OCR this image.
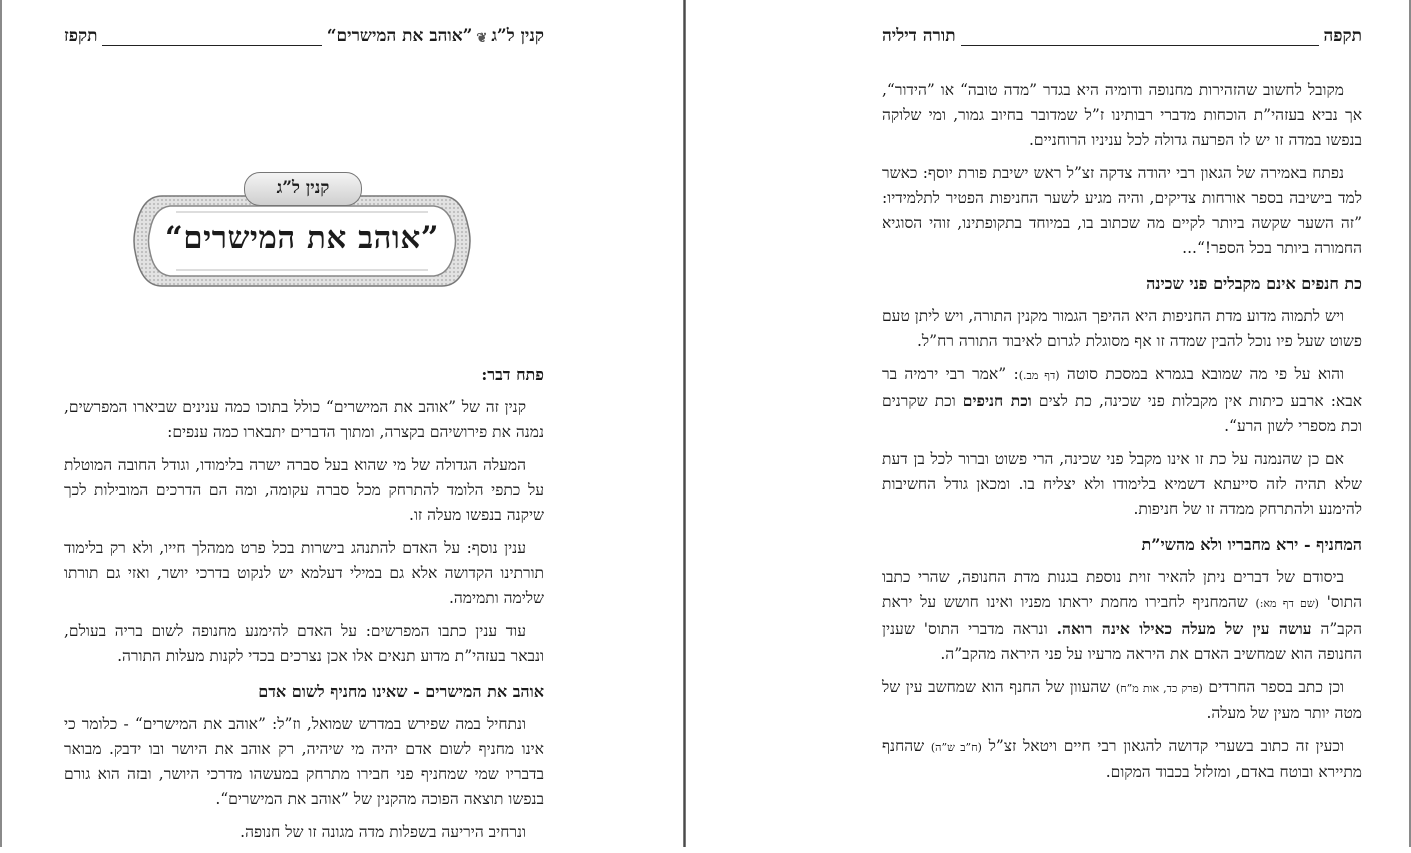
קנין ל”ג
❦
”אוהב את המישרים“
תקפז
קנין ל”ג
”אוהב את המישרים“
פתח דבר:

קנין זה של ”אוהב את המישרים“ כולל בתוכו כמה ענינים שביארו המפרשים, נמנה את פירושיהם בקצרה, ומתוך הדברים יתבארו כמה ענפים:

המעלה הגדולה של מי שהוא בעל סברה ישרה בלימודו, וגודל החובה המוטלת על כתפי הלומד להתרחק מכל סברה עקומה, ומה הם הדרכים המובילות לכך שיקנה בנפשו מעלה זו.

ענין נוסף: על האדם להתנהג בישרות בכל פרט ממהלך חייו, ולא רק בלימוד תורתינו הקדושה אלא גם במילי דעלמא יש לנקוט בדרכי יושר, ואזי גם תורתו שלימה ותמימה.

עוד ענין כתבו המפרשים: על האדם להימנע מחנופה לשום בריה בעולם, ונבאר בעזהי”ת מדוע תנאים אלו אכן נצרכים בכדי לקנות מעלות התורה.

אוהב את המישרים - שאינו מחניף לשום אדם

ונתחיל במה שפירש במדרש שמואל, וז”ל: ”אוהב את המישרים“ - כלומר כי אינו מחניף לשום אדם יהיה מי שיהיה, רק אוהב את היושר ובו ידבק. מבואר בדבריו שמי שמחניף פני חבירו מתרחק במעשהו מדרכי היושר, ובזה הוא גורם בנפשו תוצאה הפוכה מהקנין של ”אוהב את המישרים“.

ונרחיב היריעה בשפלות מדה מגונה זו של חנופה.

תקפה
תורה דיליה

מקובל לחשוב שהזהירות מחנופה ודומיה היא בגדר ”מדה טובה“ או ”הידור“, אך נביא בעזהי”ת הוכחות מדברי רבותינו ז”ל שמדובר בחיוב גמור, ומי שלוקה בנפשו במדה זו יש לו הפרעה גדולה לכל עניניו הרוחניים.

נפתח באמירה של הגאון רבי יהודה צדקה זצ”ל ראש ישיבת פורת יוסף: כאשר למד בישיבה בספר אורחות צדיקים, והיה מגיע לשער החניפות הפטיר לתלמידיו: ”זה השער שקשה ביותר לקיים מה שכתוב בו, במיוחד בתקופתינו, זוהי הסוגיא החמורה ביותר בכל הספר!“...

כת חנפים אינם מקבלים פני שכינה

ויש לתמוה מדוע מדת החניפות היא ההיפך הגמור מקנין התורה, ויש ליתן טעם פשוט שעל פיו נוכל להבין שמדה זו אף מסוגלת לגרום לאיבוד התורה רח”ל.

והוא על פי מה שמובא בגמרא במסכת סוטה (דף מב.): ”אמר רבי ירמיה בר אבא: ארבע כיתות אין מקבלות פני שכינה, כת לצים וכת חניפים וכת שקרנים וכת מספרי לשון הרע“.

אם כן שהנמנה על כת זו אינו מקבל פני שכינה, הרי פשוט וברור לכל בן דעת שלא תהיה לזה סייעתא דשמיא בלימודו ולא יצליח בו. ומכאן גודל החשיבות להימנע ולהתרחק ממדה זו של חניפות.

המחניף - ירא מחבריו ולא מהשי”ת

ביסודם של דברים ניתן להאיר זוית נוספת בגנות מדת החנופה, שהרי כתבו התוס' (שם דף מא:) שהמחניף לחבירו מחמת יראתו מפניו ואינו חושש על יראת הקב”ה עושה עין של מעלה כאילו אינה רואה. ונראה מדברי התוס' שענין החנופה הוא שמחשיב האדם את היראה מרעיו על פני היראה מהקב”ה.

וכן כתב בספר החרדים (פרק כד, אות מ”ח) שהעוון של החנף הוא שמחשב עין של מטה יותר מעין של מעלה.

וכעין זה כתוב בשערי קדושה להגאון רבי חיים ויטאל זצ”ל (ח”ב ש”ה) שהחנף מתיירא ובוטח באדם, ומזלזל בכבוד המקום.
